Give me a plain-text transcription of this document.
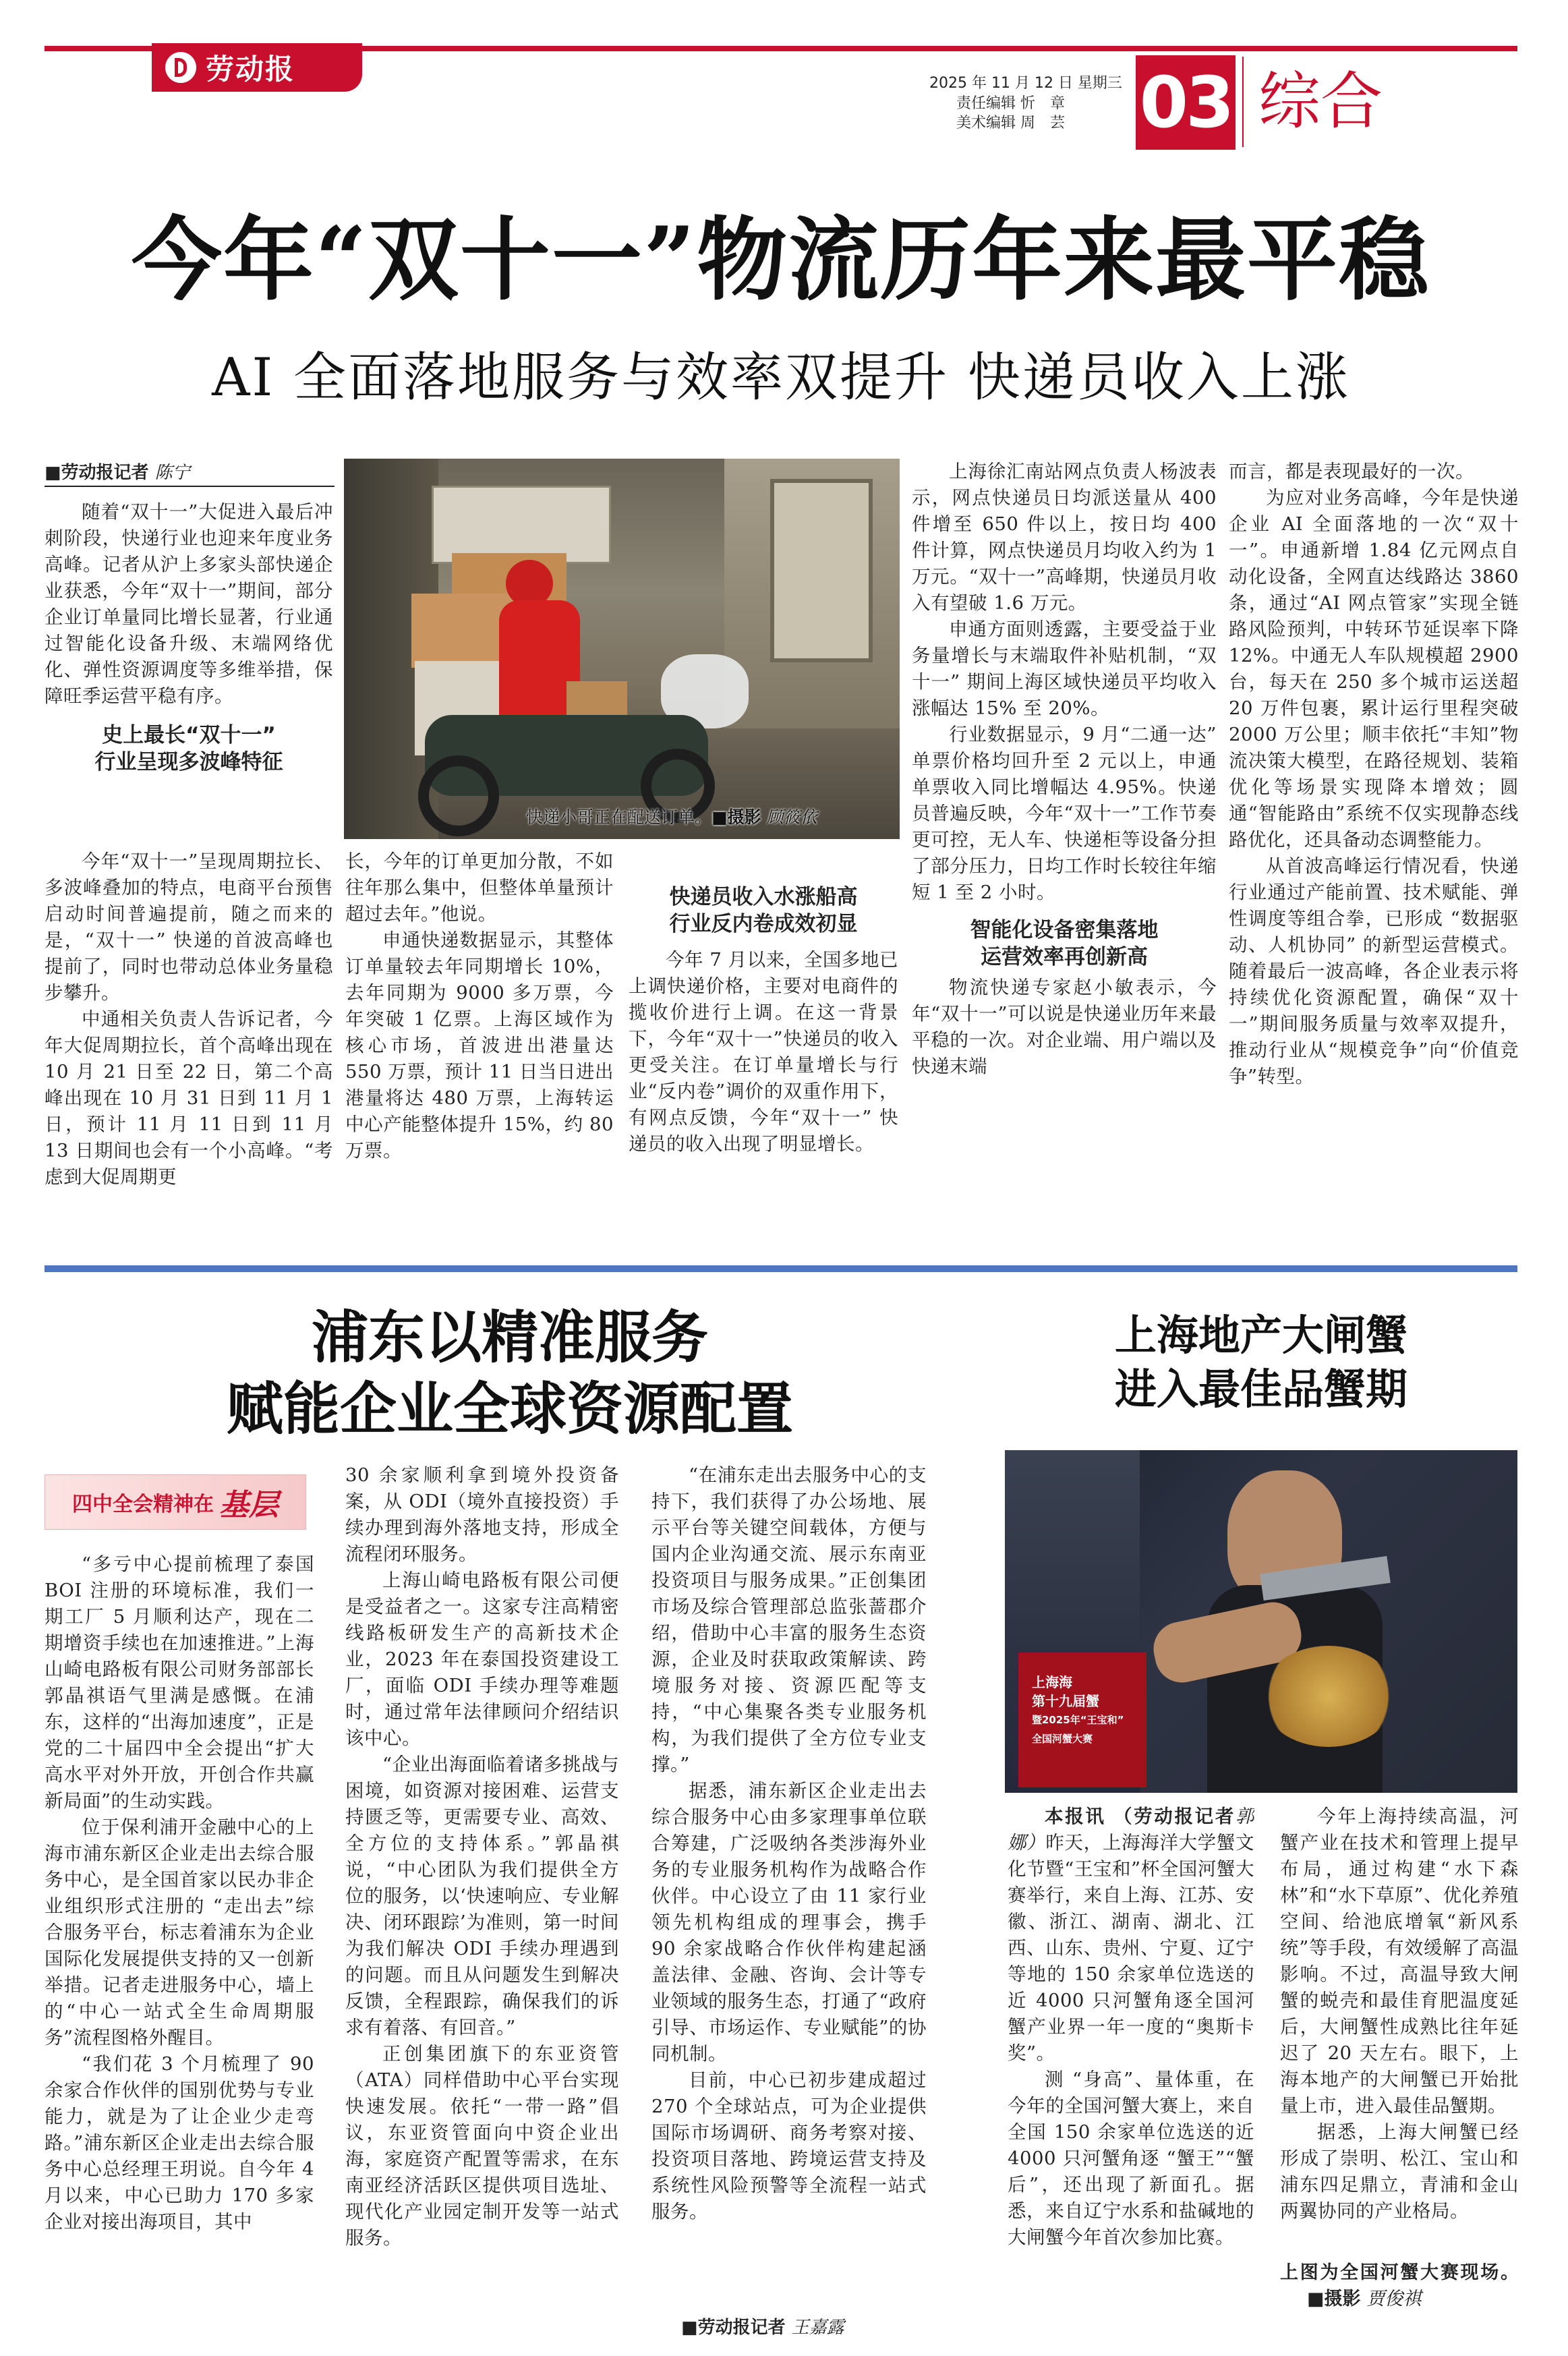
劳动报	2025 年 11 月 12 日 星期三
责任编辑 忻　章
美术编辑 周　芸 03 综合
今年“双十一”物流历年来最平稳
AI 全面落地服务与效率双提升 快递员收入上涨
■劳动报记者 陈宁

随着“双十一”大促进入最后冲刺阶段，快递行业也迎来年度业务高峰。记者从沪上多家头部快递企业获悉，今年“双十一”期间，部分企业订单量同比增长显著，行业通过智能化设备升级、末端网络优化、弹性资源调度等多维举措，保障旺季运营平稳有序。

史上最长“双十一”
行业呈现多波峰特征
快递小哥正在配送订单。■摄影 顾筱依

今年“双十一”呈现周期拉长、多波峰叠加的特点，电商平台预售启动时间普遍提前，随之而来的是，“双十一” 快递的首波高峰也提前了，同时也带动总体业务量稳步攀升。

中通相关负责人告诉记者，今年大促周期拉长，首个高峰出现在 10 月 21 日至 22 日，第二个高峰出现在 10 月 31 日到 11 月 1 日，预计 11 月 11 日到 11 月 13 日期间也会有一个小高峰。“考虑到大促周期更

长，今年的订单更加分散，不如往年那么集中，但整体单量预计超过去年。”他说。

申通快递数据显示，其整体订单量较去年同期增长 10%，去年同期为 9000 多万票，今年突破 1 亿票。上海区域作为核心市场，首波进出港量达 550 万票，预计 11 日当日进出港量将达 480 万票，上海转运中心产能整体提升 15%，约 80 万票。

快递员收入水涨船高
行业反内卷成效初显

今年 7 月以来，全国多地已上调快递价格，主要对电商件的揽收价进行上调。在这一背景下，今年“双十一”快递员的收入更受关注。在订单量增长与行业“反内卷”调价的双重作用下，有网点反馈，今年“双十一” 快递员的收入出现了明显增长。

上海徐汇南站网点负责人杨波表示，网点快递员日均派送量从 400 件增至 650 件以上，按日均 400 件计算，网点快递员月均收入约为 1 万元。“双十一”高峰期，快递员月收入有望破 1.6 万元。

申通方面则透露，主要受益于业务量增长与末端取件补贴机制，“双十一” 期间上海区域快递员平均收入涨幅达 15% 至 20%。

行业数据显示，9 月“二通一达” 单票价格均回升至 2 元以上，申通单票收入同比增幅达 4.95%。快递员普遍反映，今年“双十一”工作节奏更可控，无人车、快递柜等设备分担了部分压力，日均工作时长较往年缩短 1 至 2 小时。

智能化设备密集落地
运营效率再创新高

物流快递专家赵小敏表示，今年“双十一”可以说是快递业历年来最平稳的一次。对企业端、用户端以及快递末端

而言，都是表现最好的一次。

为应对业务高峰，今年是快递企业 AI 全面落地的一次“双十一”。申通新增 1.84 亿元网点自动化设备，全网直达线路达 3860 条，通过“AI 网点管家”实现全链路风险预判，中转环节延误率下降 12%。中通无人车队规模超 2900 台，每天在 250 多个城市运送超 20 万件包裹，累计运行里程突破 2000 万公里；顺丰依托“丰知”物流决策大模型，在路径规划、装箱优化等场景实现降本增效；圆通“智能路由”系统不仅实现静态线路优化，还具备动态调整能力。

从首波高峰运行情况看，快递行业通过产能前置、技术赋能、弹性调度等组合拳，已形成 “数据驱动、人机协同” 的新型运营模式。随着最后一波高峰，各企业表示将持续优化资源配置，确保“双十一”期间服务质量与效率双提升，推动行业从“规模竞争”向“价值竞争”转型。

浦东以精准服务
赋能企业全球资源配置
四中全会精神在 基层

“多亏中心提前梳理了泰国 BOI 注册的环境标准，我们一期工厂 5 月顺利达产，现在二期增资手续也在加速推进。”上海山崎电路板有限公司财务部部长郭晶祺语气里满是感慨。在浦东，这样的“出海加速度”，正是党的二十届四中全会提出“扩大高水平对外开放，开创合作共赢新局面”的生动实践。

位于保利浦开金融中心的上海市浦东新区企业走出去综合服务中心，是全国首家以民办非企业组织形式注册的 “走出去”综合服务平台，标志着浦东为企业国际化发展提供支持的又一创新举措。记者走进服务中心，墙上的“中心一站式全生命周期服务”流程图格外醒目。

“我们花 3 个月梳理了 90 余家合作伙伴的国别优势与专业能力，就是为了让企业少走弯路。”浦东新区企业走出去综合服务中心总经理王玥说。自今年 4 月以来，中心已助力 170 多家企业对接出海项目，其中

30 余家顺利拿到境外投资备案，从 ODI（境外直接投资）手续办理到海外落地支持，形成全流程闭环服务。

上海山崎电路板有限公司便是受益者之一。这家专注高精密线路板研发生产的高新技术企业，2023 年在泰国投资建设工厂，面临 ODI 手续办理等难题时，通过常年法律顾问介绍结识该中心。

“企业出海面临着诸多挑战与困境，如资源对接困难、运营支持匮乏等，更需要专业、高效、全方位的支持体系。”郭晶祺说，“中心团队为我们提供全方位的服务，以‘快速响应、专业解决、闭环跟踪’为准则，第一时间为我们解决 ODI 手续办理遇到的问题。而且从问题发生到解决反馈，全程跟踪，确保我们的诉求有着落、有回音。”

正创集团旗下的东亚资管（ATA）同样借助中心平台实现快速发展。依托“一带一路”倡议，东亚资管面向中资企业出海，家庭资产配置等需求，在东南亚经济活跃区提供项目选址、现代化产业园定制开发等一站式服务。

“在浦东走出去服务中心的支持下，我们获得了办公场地、展示平台等关键空间载体，方便与国内企业沟通交流、展示东南亚投资项目与服务成果。”正创集团市场及综合管理部总监张蔷郡介绍，借助中心丰富的服务生态资源，企业及时获取政策解读、跨境服务对接、资源匹配等支持，“中心集聚各类专业服务机构，为我们提供了全方位专业支撑。”

据悉，浦东新区企业走出去综合服务中心由多家理事单位联合筹建，广泛吸纳各类涉海外业务的专业服务机构作为战略合作伙伴。中心设立了由 11 家行业领先机构组成的理事会，携手 90 余家战略合作伙伴构建起涵盖法律、金融、咨询、会计等专业领域的服务生态，打通了“政府引导、市场运作、专业赋能”的协同机制。

目前，中心已初步建成超过 270 个全球站点，可为企业提供国际市场调研、商务考察对接、投资项目落地、跨境运营支持及系统性风险预警等全流程一站式服务。

■劳动报记者 王嘉露
上海地产大闸蟹
进入最佳品蟹期
上海海
第十九届蟹
暨2025年“王宝和”
全国河蟹大赛

本报讯 （劳动报记者郭娜）昨天，上海海洋大学蟹文化节暨“王宝和”杯全国河蟹大赛举行，来自上海、江苏、安徽、浙江、湖南、湖北、江西、山东、贵州、宁夏、辽宁等地的 150 余家单位选送的近 4000 只河蟹角逐全国河蟹产业界一年一度的“奥斯卡奖”。

测 “身高”、量体重，在今年的全国河蟹大赛上，来自全国 150 余家单位选送的近 4000 只河蟹角逐 “蟹王”“蟹后”，还出现了新面孔。据悉，来自辽宁水系和盐碱地的大闸蟹今年首次参加比赛。

今年上海持续高温，河蟹产业在技术和管理上提早布局，通过构建“水下森林”和“水下草原”、优化养殖空间、给池底增氧“新风系统”等手段，有效缓解了高温影响。不过，高温导致大闸蟹的蜕壳和最佳育肥温度延后，大闸蟹性成熟比往年延迟了 20 天左右。眼下，上海本地产的大闸蟹已开始批量上市，进入最佳品蟹期。

据悉，上海大闸蟹已经形成了崇明、松江、宝山和浦东四足鼎立，青浦和金山两翼协同的产业格局。

上图为全国河蟹大赛现场。 ■摄影 贾俊祺
